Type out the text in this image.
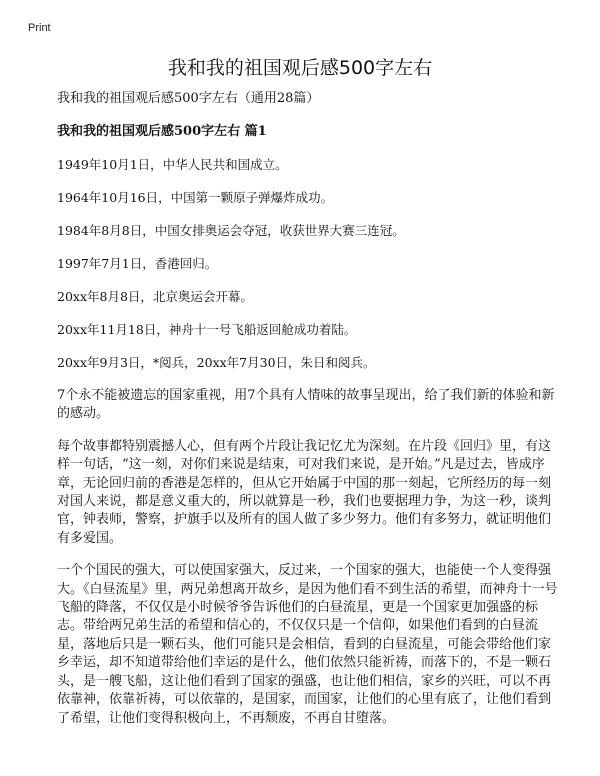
Print
我和我的祖国观后感500字左右

我和我的祖国观后感500字左右（通用28篇）

我和我的祖国观后感500字左右 篇1

1949年10月1日，中华人民共和国成立。

1964年10月16日，中国第一颗原子弹爆炸成功。

1984年8月8日，中国女排奥运会夺冠，收获世界大赛三连冠。

1997年7月1日，香港回归。

20xx年8月8日，北京奥运会开幕。

20xx年11月18日，神舟十一号飞船返回舱成功着陆。

20xx年9月3日，*阅兵，20xx年7月30日，朱日和阅兵。

7个永不能被遗忘的国家重视，用7个具有人情味的故事呈现出，给了我们新的体验和新的感动。

每个故事都特别震撼人心，但有两个片段让我记忆尤为深刻。在片段《回归》里，有这样一句话，“这一刻，对你们来说是结束，可对我们来说，是开始。”凡是过去，皆成序章，无论回归前的香港是怎样的，但从它开始属于中国的那一刻起，它所经历的每一刻对国人来说，都是意义重大的，所以就算是一秒，我们也要据理力争，为这一秒，谈判官，钟表师，警察，护旗手以及所有的国人做了多少努力。他们有多努力，就证明他们有多爱国。

一个个国民的强大，可以使国家强大，反过来，一个国家的强大，也能使一个人变得强大。《白昼流星》里，两兄弟想离开故乡，是因为他们看不到生活的希望，而神舟十一号飞船的降落，不仅仅是小时候爷爷告诉他们的白昼流星，更是一个国家更加强盛的标志。带给两兄弟生活的希望和信心的，不仅仅只是一个信仰，如果他们看到的白昼流星，落地后只是一颗石头，他们可能只是会相信，看到的白昼流星，可能会带给他们家乡幸运，却不知道带给他们幸运的是什么，他们依然只能祈祷，而落下的，不是一颗石头，是一艘飞船，这让他们看到了国家的强盛，也让他们相信，家乡的兴旺，可以不再依靠神，依靠祈祷，可以依靠的，是国家，而国家，让他们的心里有底了，让他们看到了希望，让他们变得积极向上，不再颓废，不再自甘堕落。
